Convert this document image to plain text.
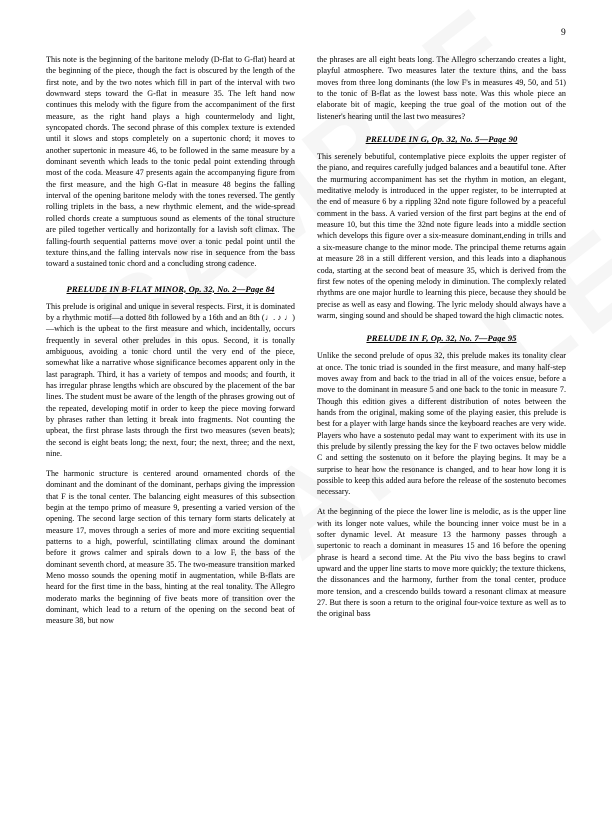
9

This note is the beginning of the baritone melody (D-flat to G-flat) heard at the beginning of the piece, though the fact is obscured by the length of the first note, and by the two notes which fill in part of the interval with two downward steps toward the G-flat in measure 35. The left hand now continues this melody with the figure from the accompaniment of the first measure, as the right hand plays a high countermelody and light, syncopated chords. The second phrase of this complex texture is extended until it slows and stops completely on a supertonic chord; it moves to another supertonic in measure 46, to be followed in the same measure by a dominant seventh which leads to the tonic pedal point extending through most of the coda. Measure 47 presents again the accompanying figure from the first measure, and the high G-flat in measure 48 begins the falling interval of the opening baritone melody with the tones reversed. The gently rolling triplets in the bass, a new rhythmic element, and the wide-spread rolled chords create a sumptuous sound as elements of the tonal structure are piled together vertically and horizontally for a lavish soft climax. The falling-fourth sequential patterns move over a tonic pedal point until the texture thins,and the falling intervals now rise in sequence from the bass toward a sustained tonic chord and a concluding strong cadence.

PRELUDE IN B-FLAT MINOR, Op. 32, No. 2—Page 84

This prelude is original and unique in several respects. First, it is dominated by a rhythmic motif—a dotted 8th followed by a 16th and an 8th (♩. ♪ ♩)—which is the upbeat to the first measure and which, incidentally, occurs frequently in several other preludes in this opus. Second, it is tonally ambiguous, avoiding a tonic chord until the very end of the piece, somewhat like a narrative whose significance becomes apparent only in the last paragraph. Third, it has a variety of tempos and moods; and fourth, it has irregular phrase lengths which are obscured by the placement of the bar lines. The student must be aware of the length of the phrases growing out of the repeated, developing motif in order to keep the piece moving forward by phrases rather than letting it break into fragments. Not counting the upbeat, the first phrase lasts through the first two measures (seven beats); the second is eight beats long; the next, four; the next, three; and the next, nine.

The harmonic structure is centered around ornamented chords of the dominant and the dominant of the dominant, perhaps giving the impression that F is the tonal center. The balancing eight measures of this subsection begin at the tempo primo of measure 9, presenting a varied version of the opening. The second large section of this ternary form starts delicately at measure 17, moves through a series of more and more exciting sequential patterns to a high, powerful, scintillating climax around the dominant before it grows calmer and spirals down to a low F, the bass of the dominant seventh chord, at measure 35. The two-measure transition marked Meno mosso sounds the opening motif in augmentation, while B-flats are heard for the first time in the bass, hinting at the real tonality. The Allegro moderato marks the beginning of five beats more of transition over the dominant, which lead to a return of the opening on the second beat of measure 38, but now

the phrases are all eight beats long. The Allegro scherzando creates a light, playful atmosphere. Two measures later the texture thins, and the bass moves from three long dominants (the low F's in measures 49, 50, and 51) to the tonic of B-flat as the lowest bass note. Was this whole piece an elaborate bit of magic, keeping the true goal of the motion out of the listener's hearing until the last two measures?

PRELUDE IN G, Op. 32, No. 5—Page 90

This serenely bebutiful, contemplative piece exploits the upper register of the piano, and requires carefully judged balances and a beautiful tone. After the murmuring accompaniment has set the rhythm in motion, an elegant, meditative melody is introduced in the upper register, to be interrupted at the end of measure 6 by a rippling 32nd note figure followed by a peaceful comment in the bass. A varied version of the first part begins at the end of measure 10, but this time the 32nd note figure leads into a middle section which develops this figure over a six-measure dominant,ending in trills and a six-measure change to the minor mode. The principal theme returns again at measure 28 in a still different version, and this leads into a diaphanous coda, starting at the second beat of measure 35, which is derived from the first few notes of the opening melody in diminution. The complexly related rhythms are one major hurdle to learning this piece, because they should be precise as well as easy and flowing. The lyric melody should always have a warm, singing sound and should be shaped toward the high climactic notes.

PRELUDE IN F, Op. 32, No. 7—Page 95

Unlike the second prelude of opus 32, this prelude makes its tonality clear at once. The tonic triad is sounded in the first measure, and many half-step moves away from and back to the triad in all of the voices ensue, before a move to the dominant in measure 5 and one back to the tonic in measure 7. Though this edition gives a different distribution of notes between the hands from the original, making some of the playing easier, this prelude is best for a player with large hands since the keyboard reaches are very wide. Players who have a sostenuto pedal may want to experiment with its use in this prelude by silently pressing the key for the F two octaves below middle C and setting the sostenuto on it before the playing begins. It may be a surprise to hear how the resonance is changed, and to hear how long it is possible to keep this added aura before the release of the sostenuto becomes necessary.

At the beginning of the piece the lower line is melodic, as is the upper line with its longer note values, while the bouncing inner voice must be in a softer dynamic level. At measure 13 the harmony passes through a supertonic to reach a dominant in measures 15 and 16 before the opening phrase is heard a second time. At the Piu vivo the bass begins to crawl upward and the upper line starts to move more quickly; the texture thickens, the dissonances and the harmony, further from the tonal center, produce more tension, and a crescendo builds toward a resonant climax at measure 27. But there is soon a return to the original four-voice texture as well as to the original bass
